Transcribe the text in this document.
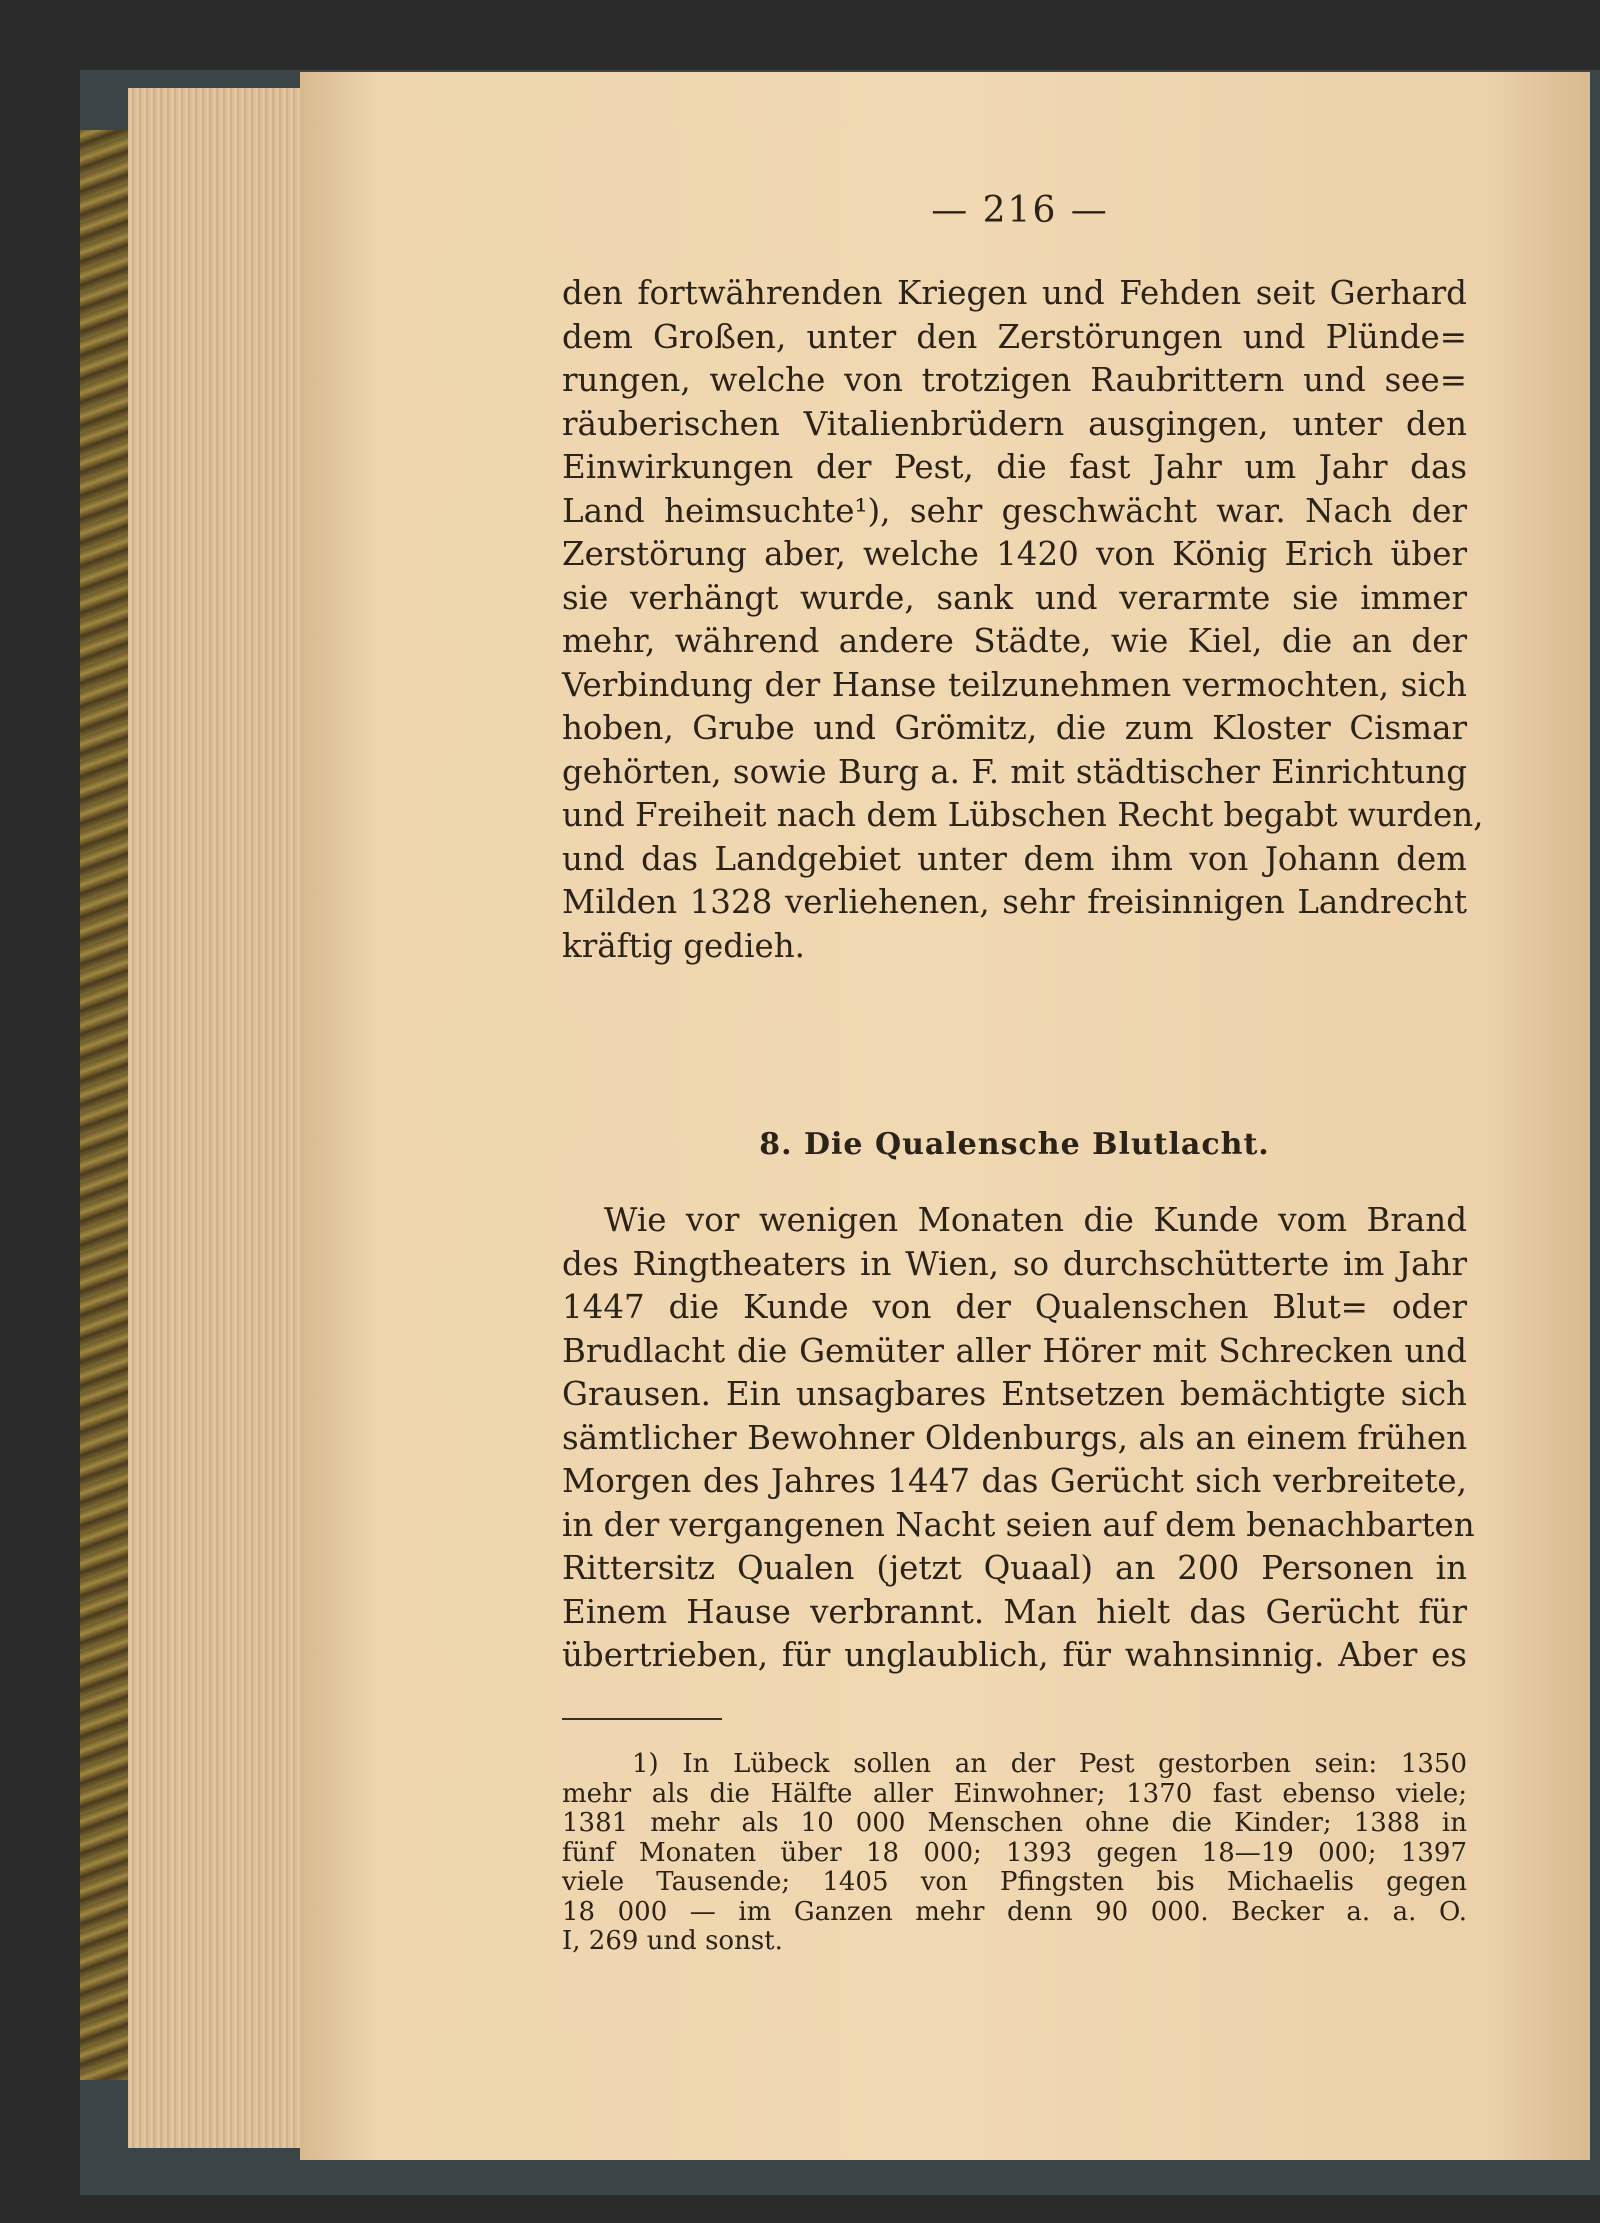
— 216 —
den fortwährenden Kriegen und Fehden seit Gerhard
dem Großen, unter den Zerstörungen und Plünde=
rungen, welche von trotzigen Raubrittern und see=
räuberischen Vitalienbrüdern ausgingen, unter den
Einwirkungen der Pest, die fast Jahr um Jahr das
Land heimsuchte¹), sehr geschwächt war. Nach der
Zerstörung aber, welche 1420 von König Erich über
sie verhängt wurde, sank und verarmte sie immer
mehr, während andere Städte, wie Kiel, die an der
Verbindung der Hanse teilzunehmen vermochten, sich
hoben, Grube und Grömitz, die zum Kloster Cismar
gehörten, sowie Burg a. F. mit städtischer Einrichtung
und Freiheit nach dem Lübschen Recht begabt wurden,
und das Landgebiet unter dem ihm von Johann dem
Milden 1328 verliehenen, sehr freisinnigen Landrecht
kräftig gedieh.
8. Die Qualensche Blutlacht.
Wie vor wenigen Monaten die Kunde vom Brand
des Ringtheaters in Wien, so durchschütterte im Jahr
1447 die Kunde von der Qualenschen Blut= oder
Brudlacht die Gemüter aller Hörer mit Schrecken und
Grausen. Ein unsagbares Entsetzen bemächtigte sich
sämtlicher Bewohner Oldenburgs, als an einem frühen
Morgen des Jahres 1447 das Gerücht sich verbreitete,
in der vergangenen Nacht seien auf dem benachbarten
Rittersitz Qualen (jetzt Quaal) an 200 Personen in
Einem Hause verbrannt. Man hielt das Gerücht für
übertrieben, für unglaublich, für wahnsinnig. Aber es
1) In Lübeck sollen an der Pest gestorben sein: 1350
mehr als die Hälfte aller Einwohner; 1370 fast ebenso viele;
1381 mehr als 10 000 Menschen ohne die Kinder; 1388 in
fünf Monaten über 18 000; 1393 gegen 18—19 000; 1397
viele Tausende; 1405 von Pfingsten bis Michaelis gegen
18 000 — im Ganzen mehr denn 90 000. Becker a. a. O.
I, 269 und sonst.
